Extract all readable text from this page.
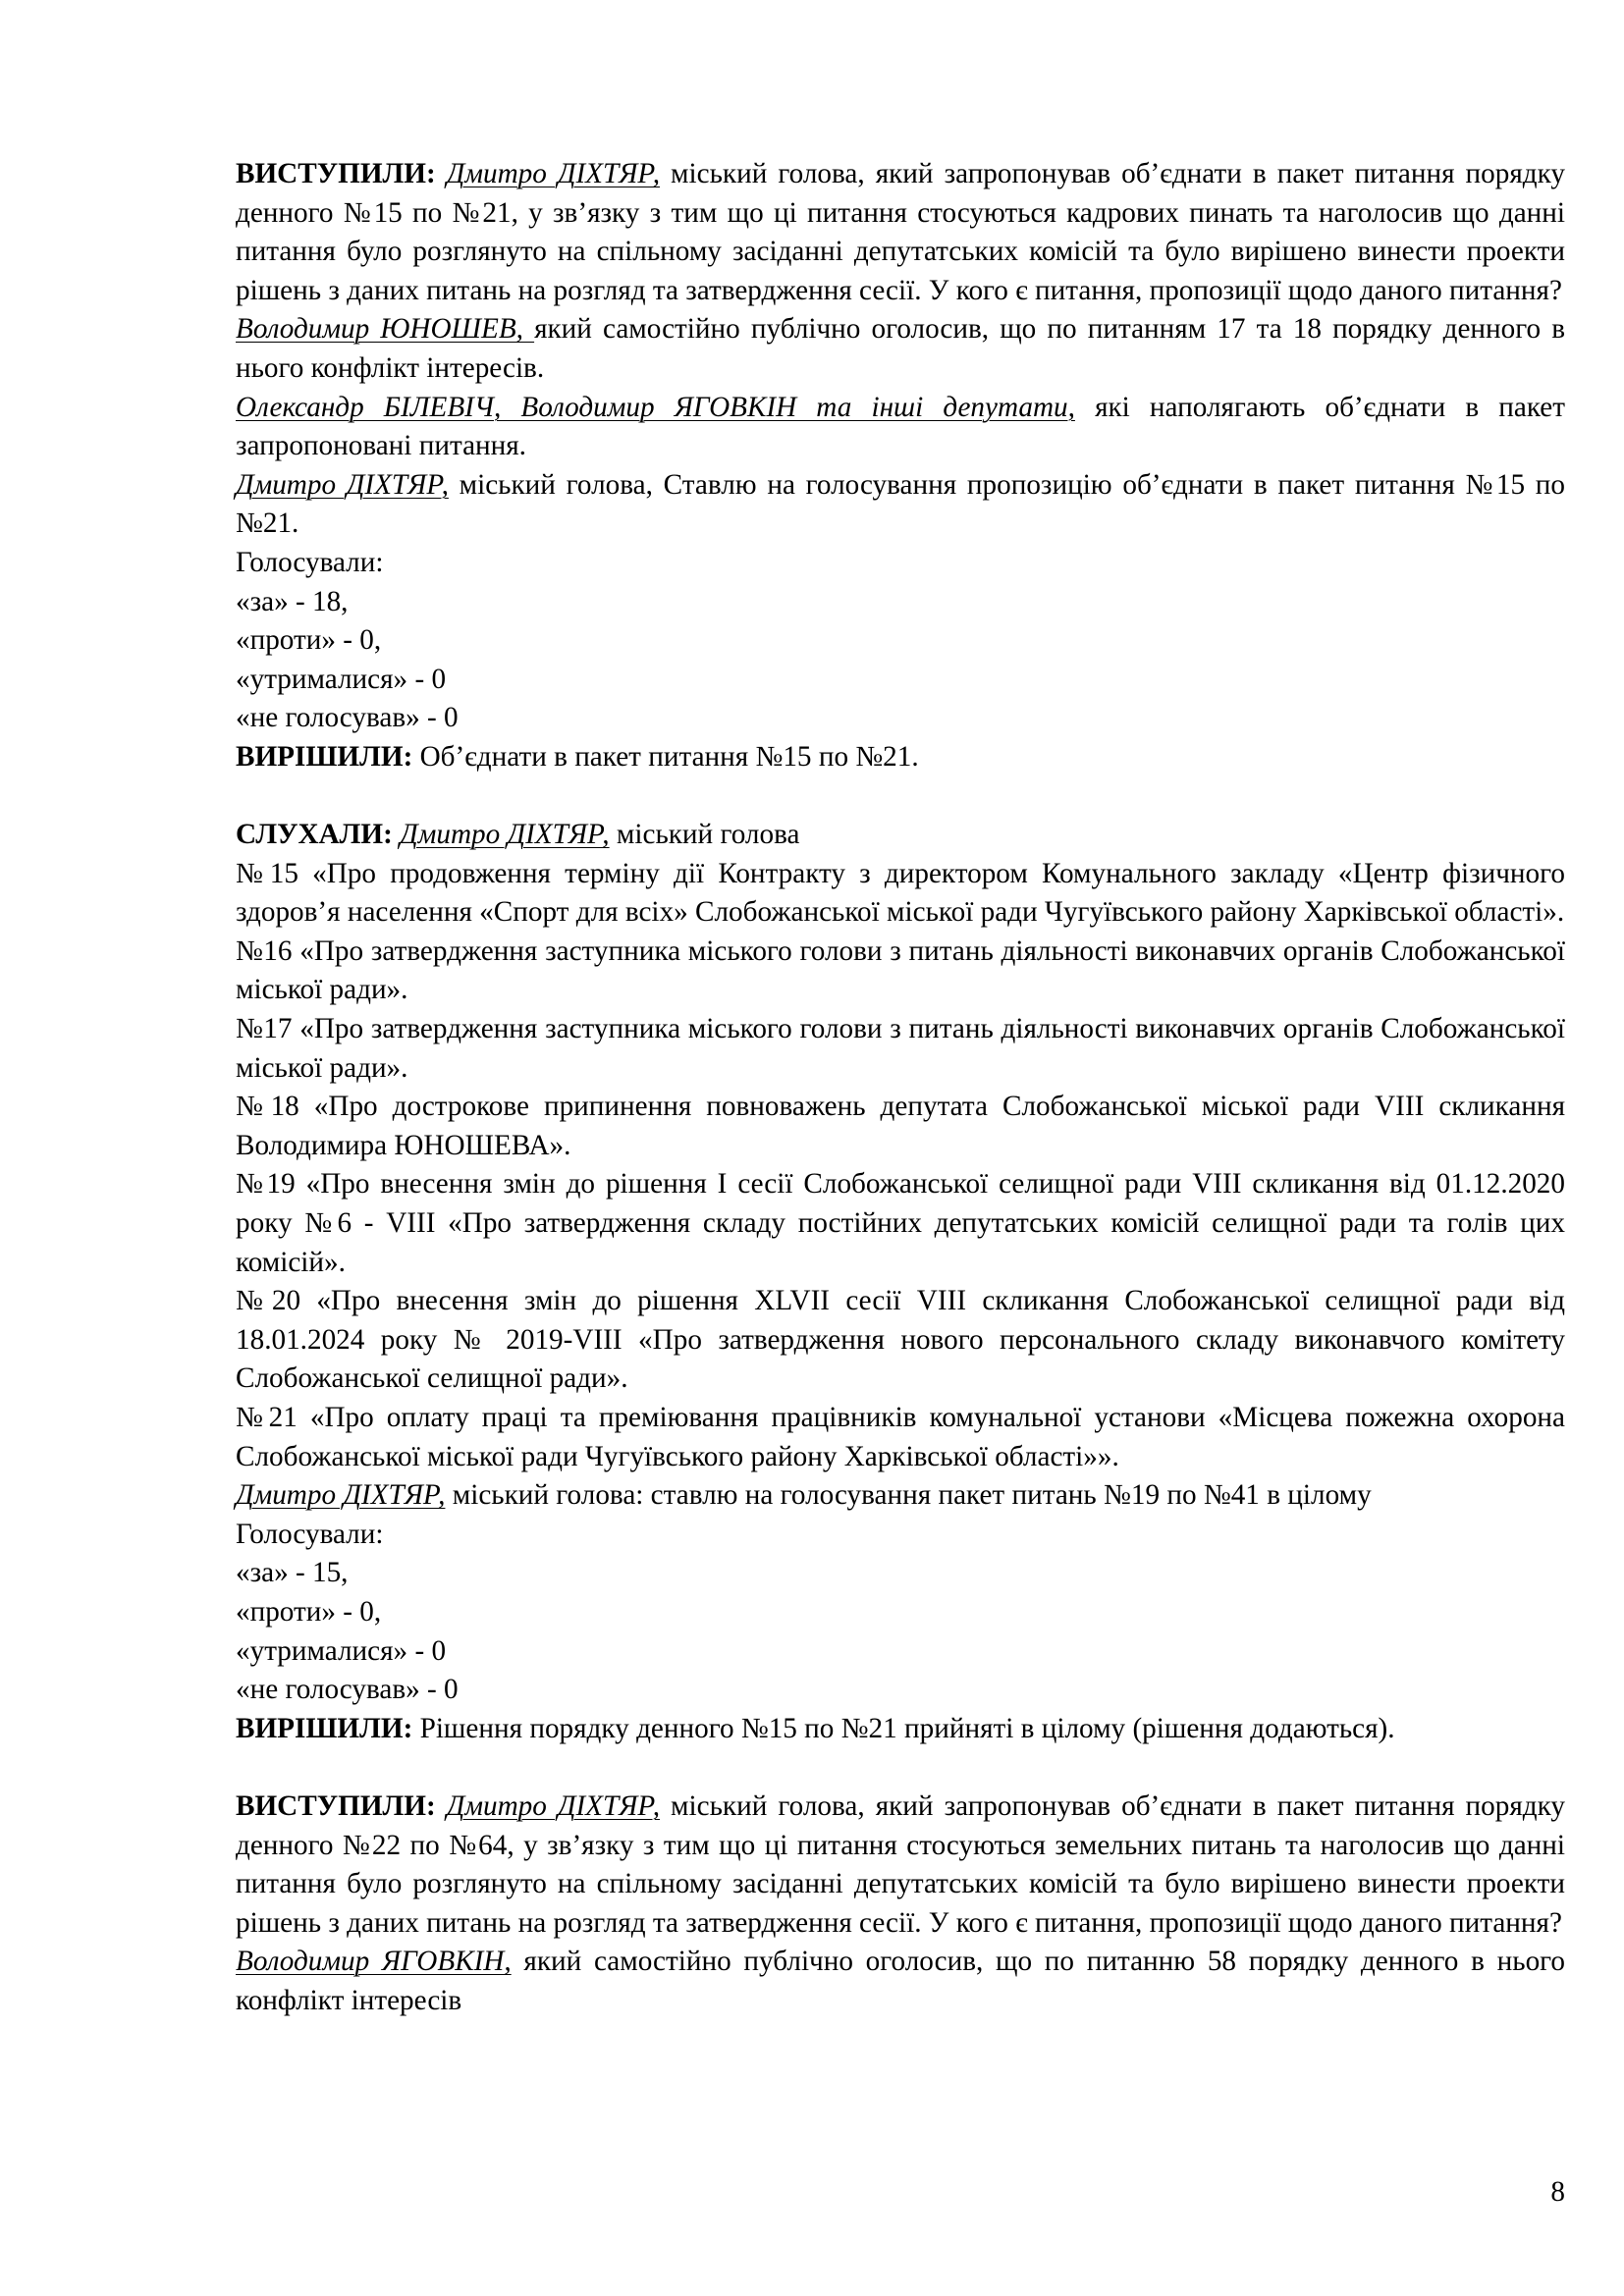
ВИСТУПИЛИ: Дмитро ДІХТЯР, міський голова, який запропонував об’єднати в пакет питання порядку денного №15 по №21, у зв’язку з тим що ці питання стосуються кадрових пинать та наголосив що данні питання було розглянуто на спільному засіданні депутатських комісій та було вирішено винести проекти рішень з даних питань на розгляд та затвердження сесії. У кого є питання, пропозиції щодо даного питання?

Володимир ЮНОШЕВ, який самостійно публічно оголосив, що по питанням 17 та 18 порядку денного в нього конфлікт інтересів.

Олександр БІЛЕВІЧ, Володимир ЯГОВКІН та інші депутати, які наполягають об’єднати в пакет запропоновані питання.

Дмитро ДІХТЯР, міський голова, Ставлю на голосування пропозицію об’єднати в пакет питання №15 по №21.

Голосували:

«за» - 18,

«проти» - 0,

«утрималися» - 0

«не голосував» - 0

ВИРІШИЛИ: Об’єднати в пакет питання №15 по №21.

СЛУХАЛИ: Дмитро ДІХТЯР, міський голова

№15 «Про продовження терміну дії Контракту з директором Комунального закладу «Центр фізичного здоров’я населення «Спорт для всіх» Слобожанської міської ради Чугуївського району Харківської області».

№16 «Про затвердження заступника міського голови з питань діяльності виконавчих органів Слобожанської міської ради».

№17 «Про затвердження заступника міського голови з питань діяльності виконавчих органів Слобожанської міської ради».

№18 «Про дострокове припинення повноважень депутата Слобожанської міської ради VIII скликання Володимира ЮНОШЕВА».

№19 «Про внесення змін до рішення І сесії Слобожанської селищної ради VIII скликання від 01.12.2020 року №6 - VIII «Про затвердження складу постійних депутатських комісій селищної ради та голів цих комісій».

№20 «Про внесення змін до рішення XLVII сесії VIII скликання Слобожанської селищної ради від 18.01.2024 року № 2019-VIII «Про затвердження нового персонального складу виконавчого комітету Слобожанської селищної ради».

№21 «Про оплату праці та преміювання працівників комунальної установи «Місцева пожежна охорона Слобожанської міської ради Чугуївського району Харківської області»».

Дмитро ДІХТЯР, міський голова: ставлю на голосування пакет питань №19 по №41 в цілому

Голосували:

«за» - 15,

«проти» - 0,

«утрималися» - 0

«не голосував» - 0

ВИРІШИЛИ: Рішення порядку денного №15 по №21 прийняті в цілому (рішення додаються).

ВИСТУПИЛИ: Дмитро ДІХТЯР, міський голова, який запропонував об’єднати в пакет питання порядку денного №22 по №64, у зв’язку з тим що ці питання стосуються земельних питань та наголосив що данні питання було розглянуто на спільному засіданні депутатських комісій та було вирішено винести проекти рішень з даних питань на розгляд та затвердження сесії. У кого є питання, пропозиції щодо даного питання?

Володимир ЯГОВКІН, який самостійно публічно оголосив, що по питанню 58 порядку денного в нього конфлікт інтересів

8
